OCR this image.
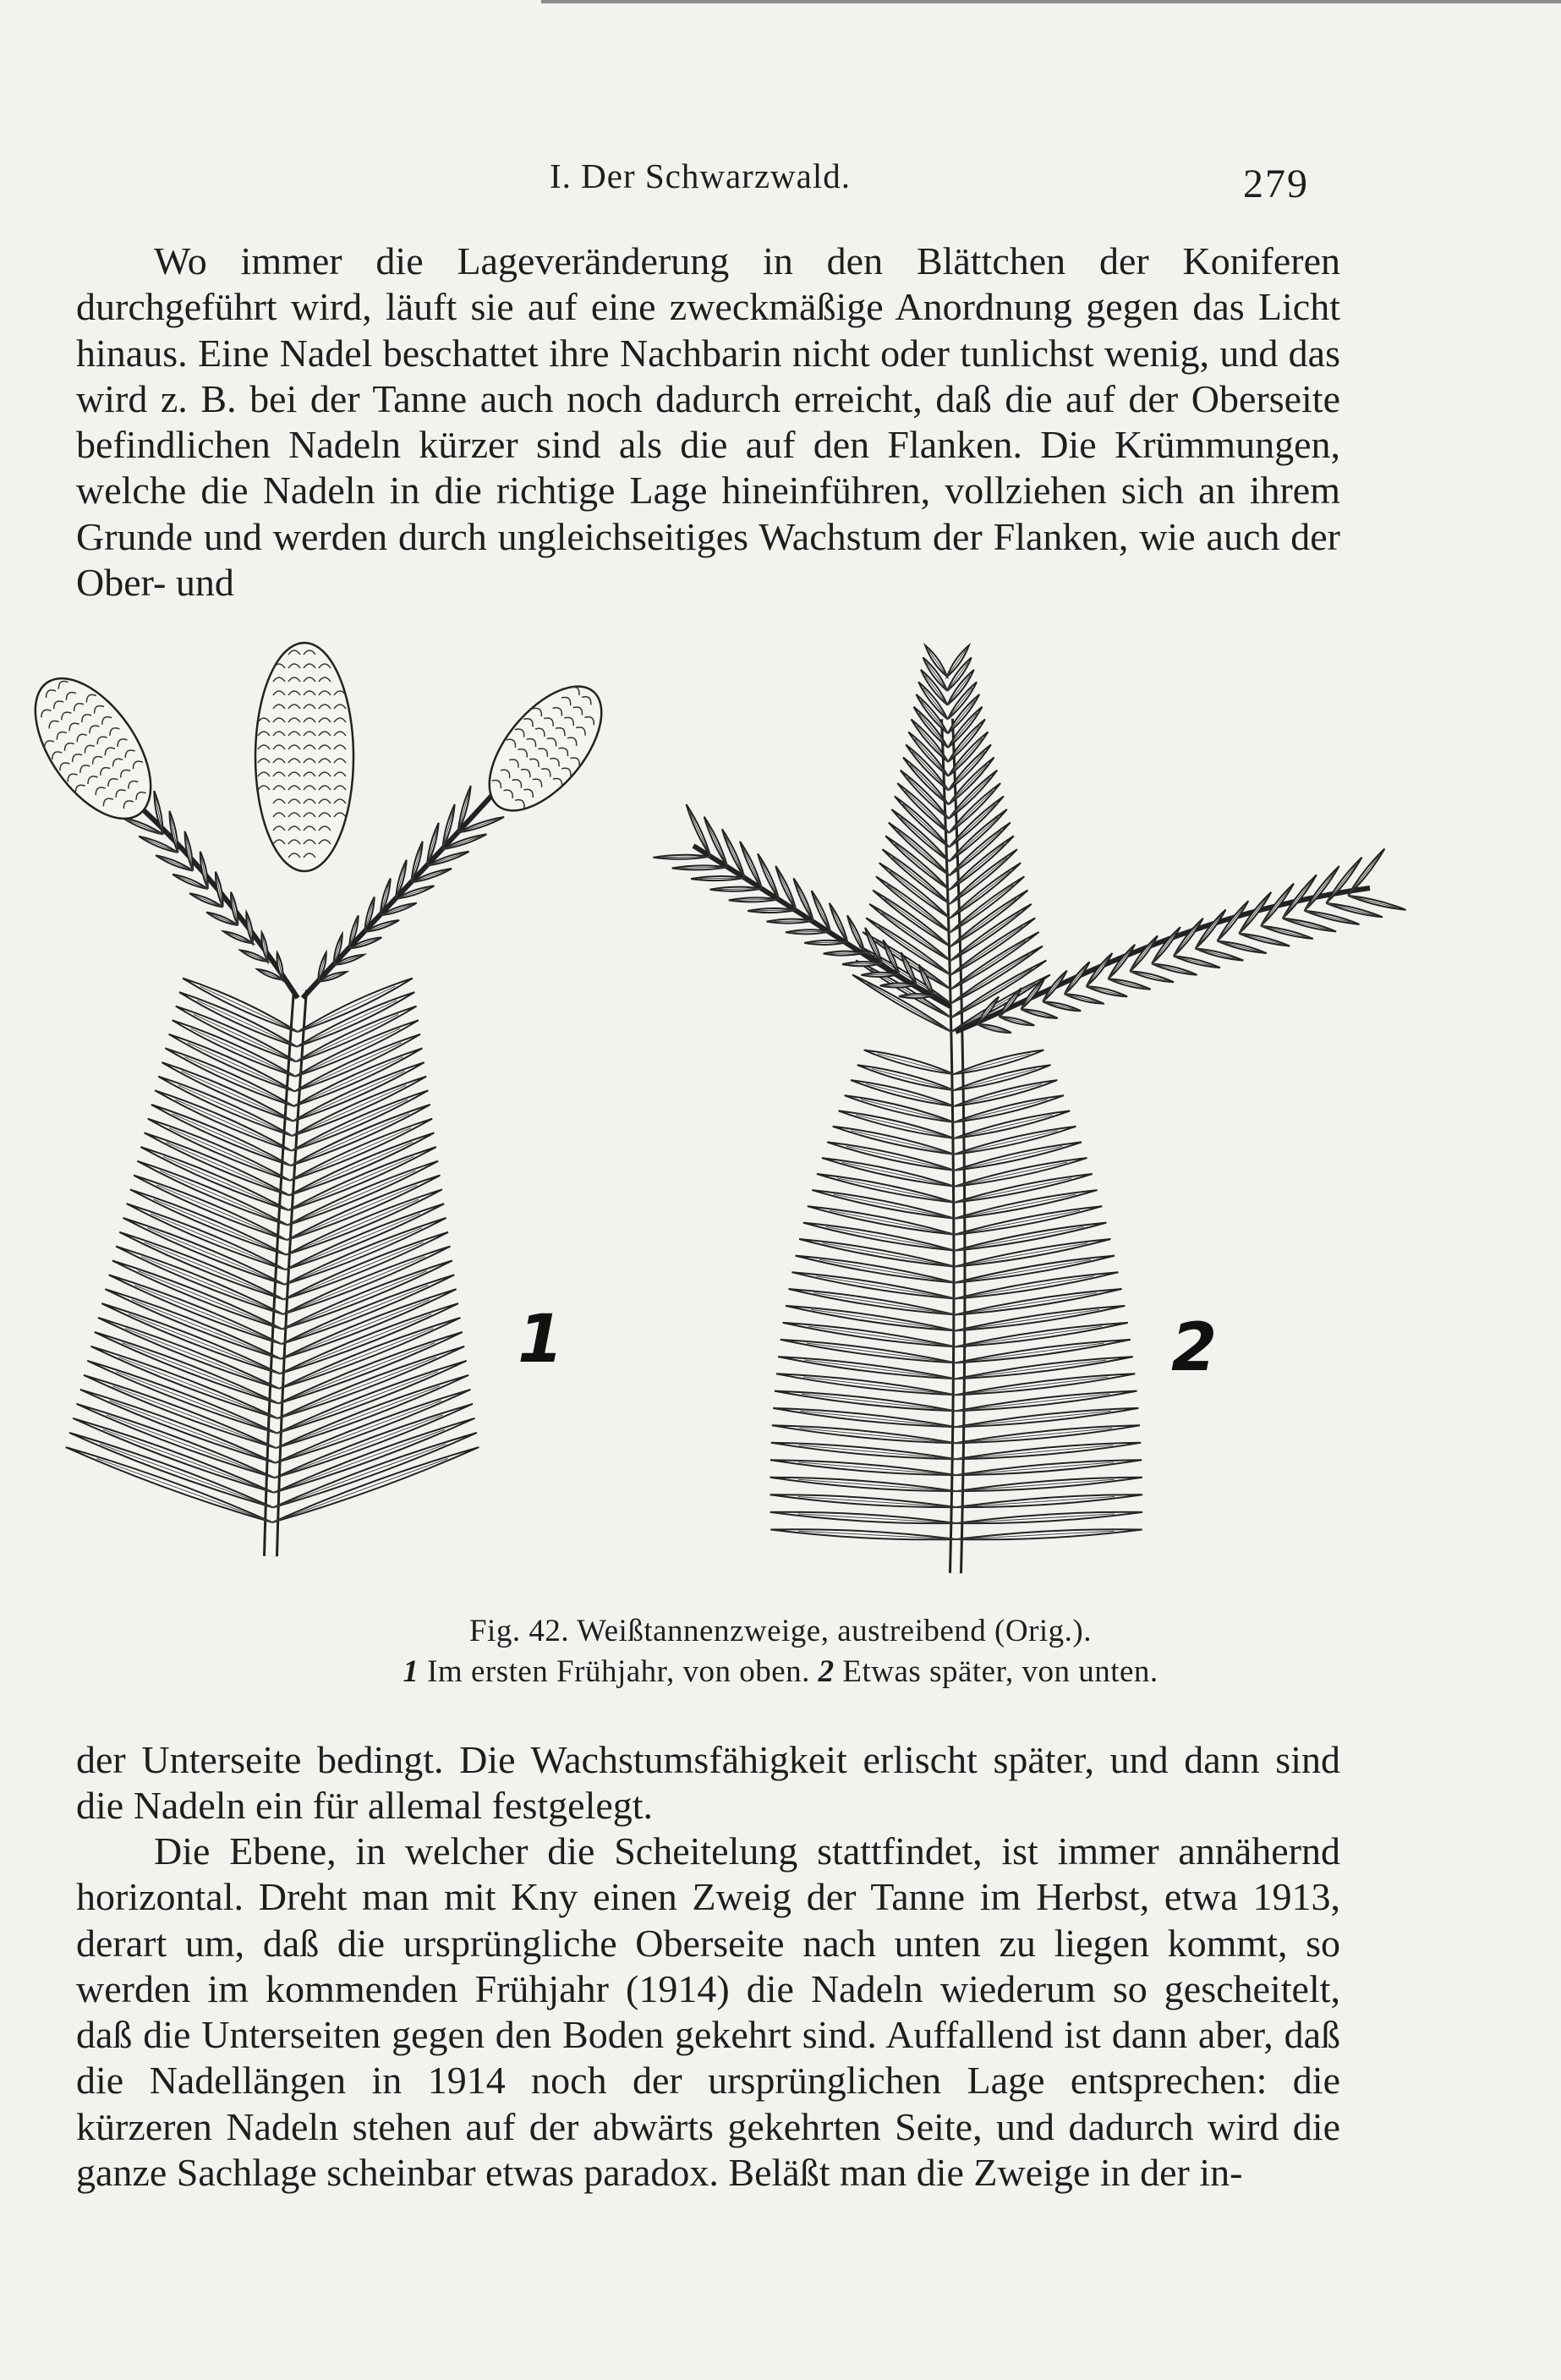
I. Der Schwarzwald.	279

Wo immer die Lageveränderung in den Blättchen der Koniferen durchgeführt wird, läuft sie auf eine zweckmäßige Anordnung gegen das Licht hinaus. Eine Nadel beschattet ihre Nachbarin nicht oder tunlichst wenig, und das wird z. B. bei der Tanne auch noch dadurch erreicht, daß die auf der Oberseite befindlichen Nadeln kürzer sind als die auf den Flanken. Die Krümmungen, welche die Nadeln in die richtige Lage hineinführen, vollziehen sich an ihrem Grunde und werden durch ungleichseitiges Wachstum der Flanken, wie auch der Ober- und

1	2
Fig. 42. Weißtannenzweige, austreibend (Orig.).
1 Im ersten Frühjahr, von oben. 2 Etwas später, von unten.

der Unterseite bedingt. Die Wachstumsfähigkeit erlischt später, und dann sind die Nadeln ein für allemal festgelegt.

Die Ebene, in welcher die Scheitelung stattfindet, ist immer annähernd horizontal. Dreht man mit Kny einen Zweig der Tanne im Herbst, etwa 1913, derart um, daß die ursprüngliche Oberseite nach unten zu liegen kommt, so werden im kommenden Frühjahr (1914) die Nadeln wiederum so gescheitelt, daß die Unterseiten gegen den Boden gekehrt sind. Auffallend ist dann aber, daß die Nadellängen in 1914 noch der ursprünglichen Lage entsprechen: die kürzeren Nadeln stehen auf der abwärts gekehrten Seite, und dadurch wird die ganze Sachlage scheinbar etwas paradox. Beläßt man die Zweige in der in-
